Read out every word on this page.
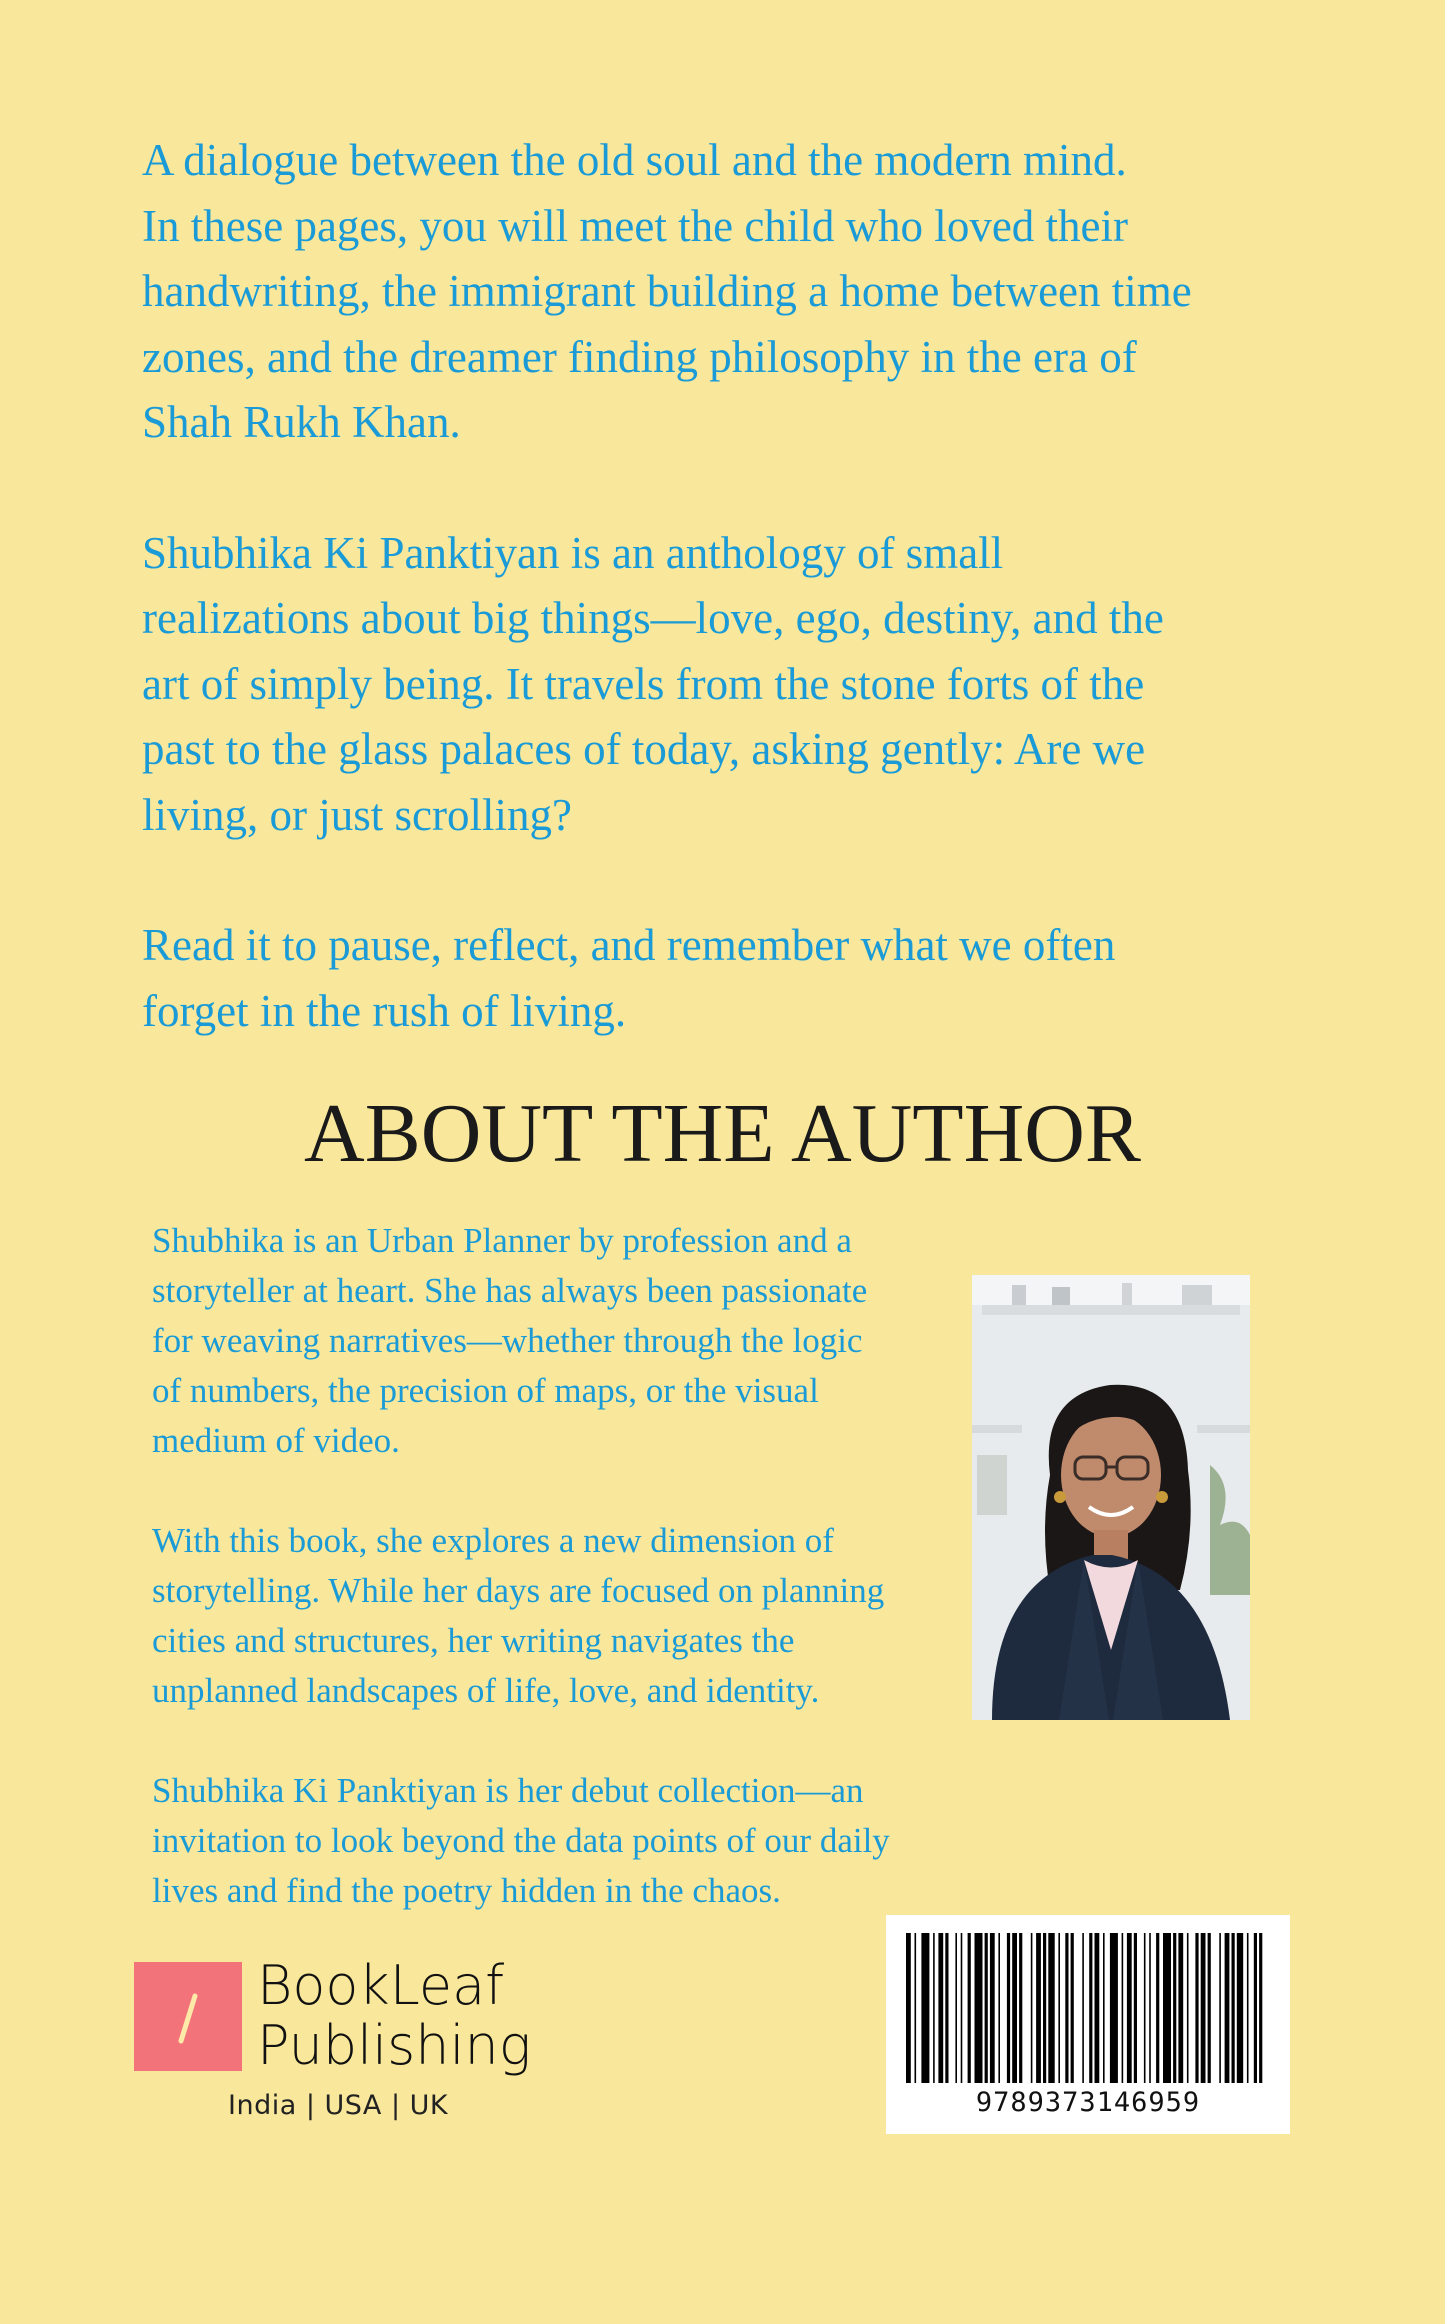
A dialogue between the old soul and the modern mind.
In these pages, you will meet the child who loved their
handwriting, the immigrant building a home between time
zones, and the dreamer finding philosophy in the era of
Shah Rukh Khan.

Shubhika Ki Panktiyan is an anthology of small
realizations about big things—love, ego, destiny, and the
art of simply being. It travels from the stone forts of the
past to the glass palaces of today, asking gently: Are we
living, or just scrolling?

Read it to pause, reflect, and remember what we often
forget in the rush of living.

ABOUT THE AUTHOR

Shubhika is an Urban Planner by profession and a
storyteller at heart. She has always been passionate
for weaving narratives—whether through the logic
of numbers, the precision of maps, or the visual
medium of video.

With this book, she explores a new dimension of
storytelling. While her days are focused on planning
cities and structures, her writing navigates the
unplanned landscapes of life, love, and identity.

Shubhika Ki Panktiyan is her debut collection—an
invitation to look beyond the data points of our daily
lives and find the poetry hidden in the chaos.

BookLeaf
Publishing
India | USA | UK	9789373146959
